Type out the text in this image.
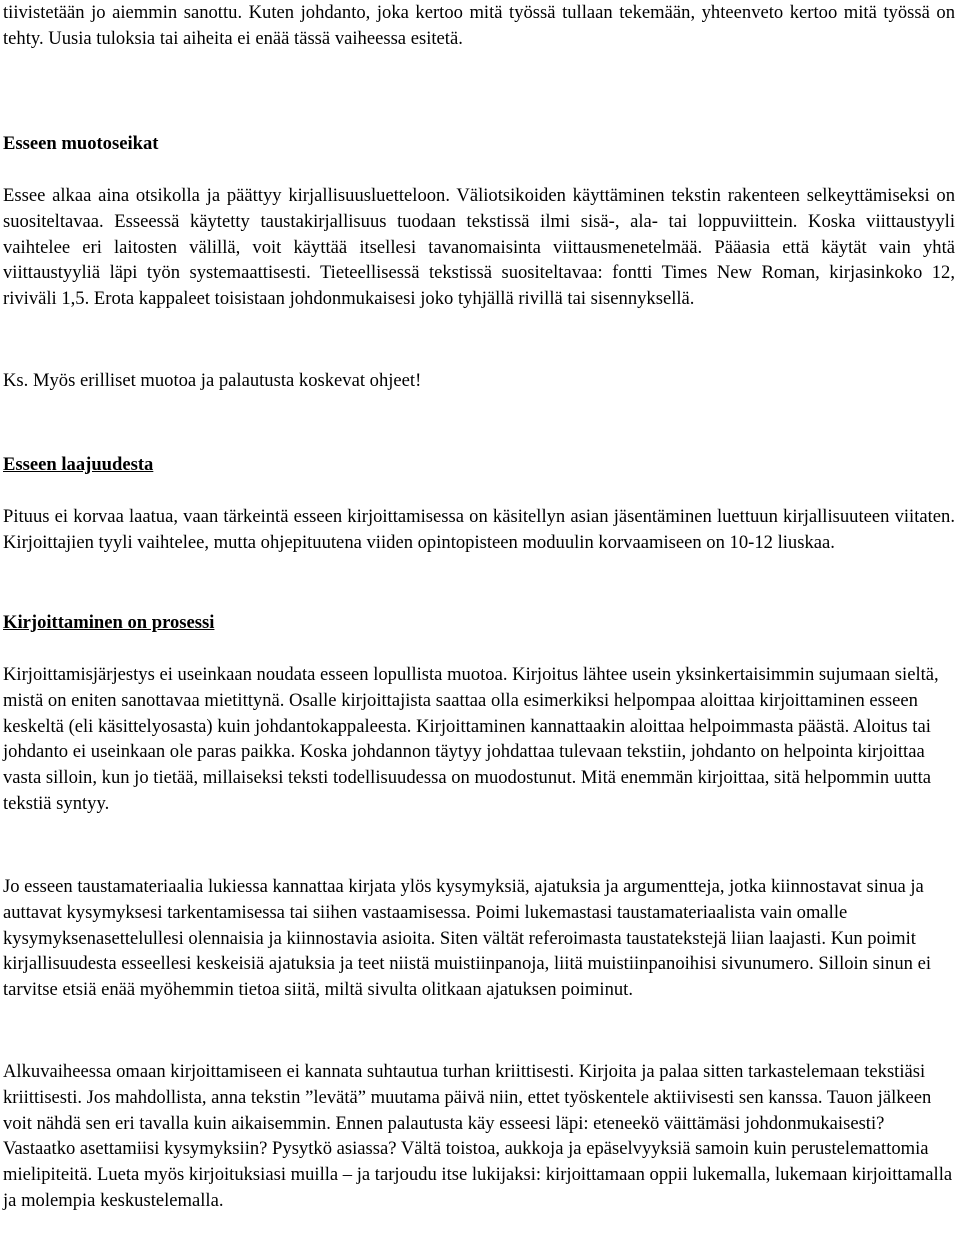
tiivistetään jo aiemmin sanottu. Kuten johdanto, joka kertoo mitä työssä tullaan tekemään, yhteenveto kertoo mitä työssä on tehty. Uusia tuloksia tai aiheita ei enää tässä vaiheessa esitetä.

Esseen muotoseikat

Essee alkaa aina otsikolla ja päättyy kirjallisuusluetteloon. Väliotsikoiden käyttäminen tekstin rakenteen selkeyttämiseksi on suositeltavaa. Esseessä käytetty taustakirjallisuus tuodaan tekstissä ilmi sisä-, ala- tai loppuviittein. Koska viittaustyyli vaihtelee eri laitosten välillä, voit käyttää itsellesi tavanomaisinta viittausmenetelmää. Pääasia että käytät vain yhtä viittaustyyliä läpi työn systemaattisesti. Tieteellisessä tekstissä suositeltavaa: fontti Times New Roman, kirjasinkoko 12, riviväli 1,5. Erota kappaleet toisistaan johdonmukaisesi joko tyhjällä rivillä tai sisennyksellä.

Ks. Myös erilliset muotoa ja palautusta koskevat ohjeet!

Esseen laajuudesta

Pituus ei korvaa laatua, vaan tärkeintä esseen kirjoittamisessa on käsitellyn asian jäsentäminen luettuun kirjallisuuteen viitaten. Kirjoittajien tyyli vaihtelee, mutta ohjepituutena viiden opintopisteen moduulin korvaamiseen on 10-12 liuskaa.

Kirjoittaminen on prosessi

Kirjoittamisjärjestys ei useinkaan noudata esseen lopullista muotoa. Kirjoitus lähtee usein yksinkertaisimmin sujumaan sieltä, mistä on eniten sanottavaa mietittynä. Osalle kirjoittajista saattaa olla esimerkiksi helpompaa aloittaa kirjoittaminen esseen keskeltä (eli käsittelyosasta) kuin johdantokappaleesta. Kirjoittaminen kannattaakin aloittaa helpoimmasta päästä. Aloitus tai johdanto ei useinkaan ole paras paikka. Koska johdannon täytyy johdattaa tulevaan tekstiin, johdanto on helpointa kirjoittaa vasta silloin, kun jo tietää, millaiseksi teksti todellisuudessa on muodostunut. Mitä enemmän kirjoittaa, sitä helpommin uutta tekstiä syntyy.

Jo esseen taustamateriaalia lukiessa kannattaa kirjata ylös kysymyksiä, ajatuksia ja argumentteja, jotka kiinnostavat sinua ja auttavat kysymyksesi tarkentamisessa tai siihen vastaamisessa. Poimi lukemastasi taustamateriaalista vain omalle kysymyksenasettelullesi olennaisia ja kiinnostavia asioita. Siten vältät referoimasta taustatekstejä liian laajasti. Kun poimit kirjallisuudesta esseellesi keskeisiä ajatuksia ja teet niistä muistiinpanoja, liitä muistiinpanoihisi sivunumero. Silloin sinun ei tarvitse etsiä enää myöhemmin tietoa siitä, miltä sivulta olitkaan ajatuksen poiminut.

Alkuvaiheessa omaan kirjoittamiseen ei kannata suhtautua turhan kriittisesti. Kirjoita ja palaa sitten tarkastelemaan tekstiäsi kriittisesti. Jos mahdollista, anna tekstin ”levätä” muutama päivä niin, ettet työskentele aktiivisesti sen kanssa. Tauon jälkeen voit nähdä sen eri tavalla kuin aikaisemmin. Ennen palautusta käy esseesi läpi: eteneekö väittämäsi johdonmukaisesti? Vastaatko asettamiisi kysymyksiin? Pysytkö asiassa? Vältä toistoa, aukkoja ja epäselvyyksiä samoin kuin perustelemattomia mielipiteitä. Lueta myös kirjoituksiasi muilla – ja tarjoudu itse lukijaksi: kirjoittamaan oppii lukemalla, lukemaan kirjoittamalla ja molempia keskustelemalla.
